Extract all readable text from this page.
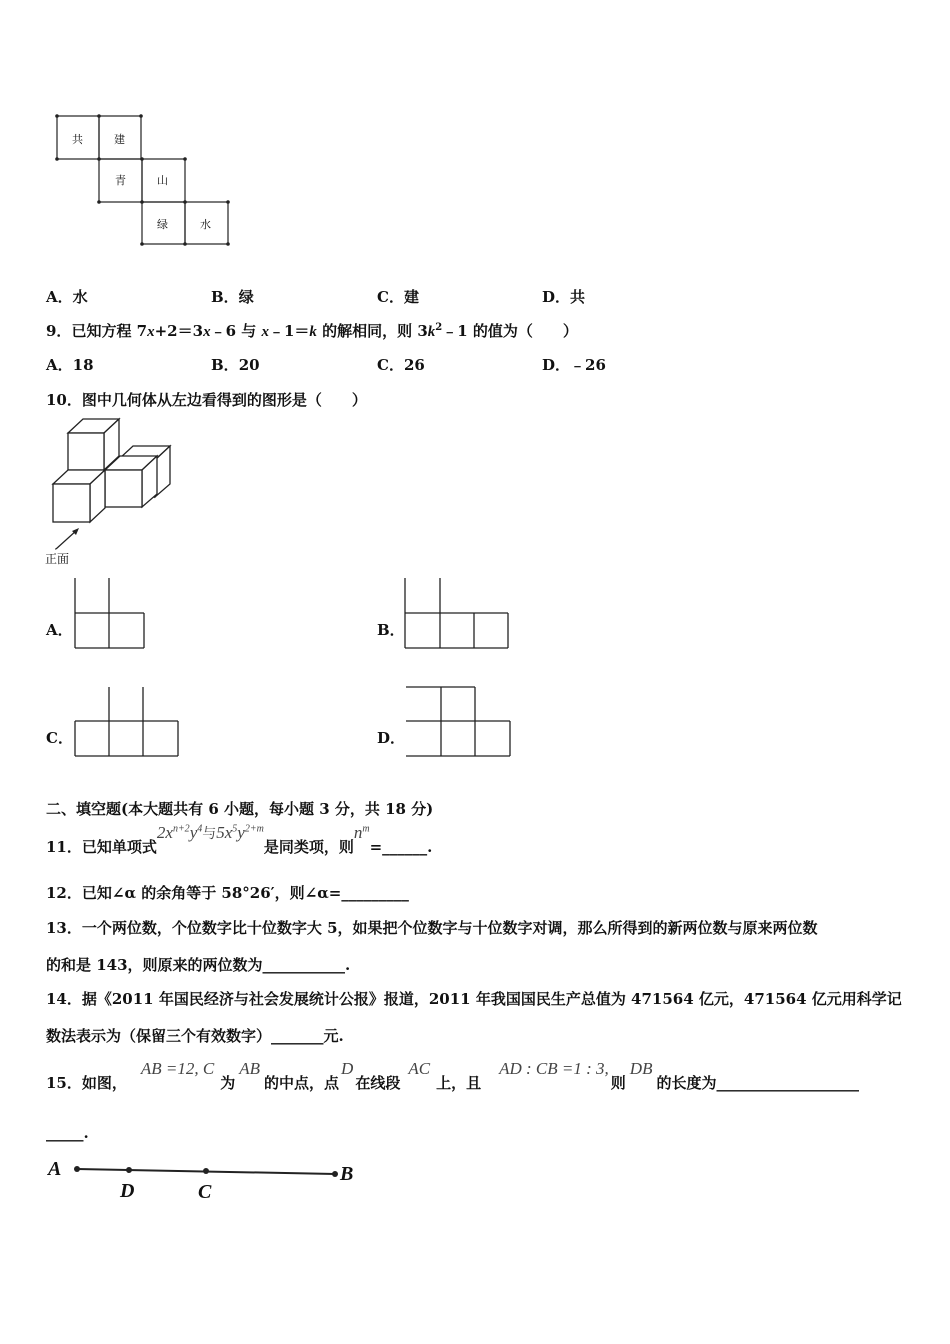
共	建
青	山
绿	水
A．水	B．绿	C．建	D．共
9．已知方程 7x+2＝3x﹣6 与 x﹣1＝k 的解相同，则 $3k^2﹣1$ 的值为（　　）
A．18	B．20	C．26	D．﹣26
10．图中几何体从左边看得到的图形是（　　）
正面
A．	B．
C．	D．
二、填空题(本大题共有 6 小题，每小题 3 分，共 18 分)
11．已知单项式$2x^{n+2}y^4$与$5x^5y^{2+m}$是同类项，则$n^m=\_\_\_\_\_\_$.
12．已知∠α 的余角等于 58°26′，则∠α=_________
13．一个两位数，个位数字比十位数字大 5，如果把个位数字与十位数字对调，那么所得到的新两位数与原来两位数
的和是 143，则原来的两位数为___________.
14．据《2011 年国民经济与社会发展统计公报》报道，2011 年我国国民生产总值为 471564 亿元，471564 亿元用科学记
数法表示为（保留三个有效数字）_______元.
15．如图，AB =12, C为AB的中点，点D在线段AC上，且AD : CB =1 : 3,则DB的长度为___________________
_____.
A
D	C
B
